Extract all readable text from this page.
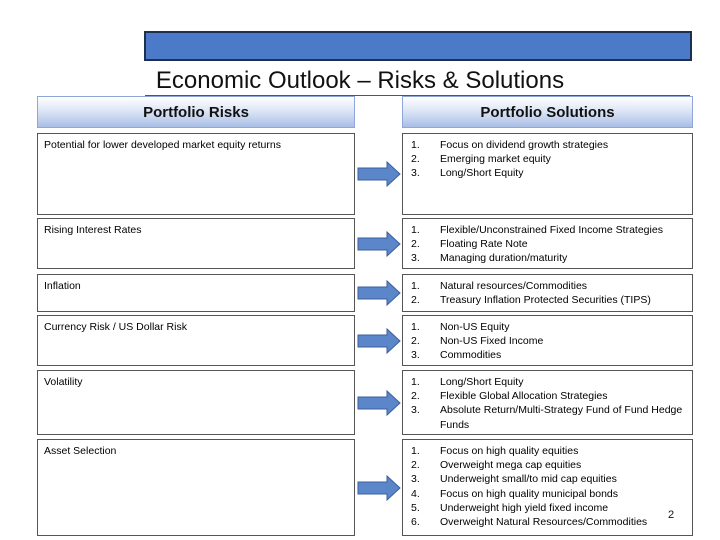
Economic Outlook – Risks & Solutions
Portfolio Risks	Portfolio Solutions
Potential for lower developed market equity returns	1.	Focus on dividend growth strategies
2.	Emerging market equity
3.	Long/Short Equity
Rising Interest Rates	1.	Flexible/Unconstrained Fixed Income Strategies
2.	Floating Rate Note
3.	Managing duration/maturity
Inflation	1.	Natural resources/Commodities
2.	Treasury Inflation Protected Securities (TIPS)
Currency Risk / US Dollar Risk	1.	Non-US Equity
2.	Non-US Fixed Income
3.	Commodities
Volatility	1.	Long/Short Equity
2.	Flexible Global Allocation Strategies
3.	Absolute Return/Multi-Strategy Fund of Fund Hedge Funds
Asset Selection	1.	Focus on high quality equities
2.	Overweight mega cap equities
3.	Underweight small/to mid cap equities
4.	Focus on high quality municipal bonds
5.	Underweight high yield fixed income
6.	Overweight Natural Resources/Commodities
2
